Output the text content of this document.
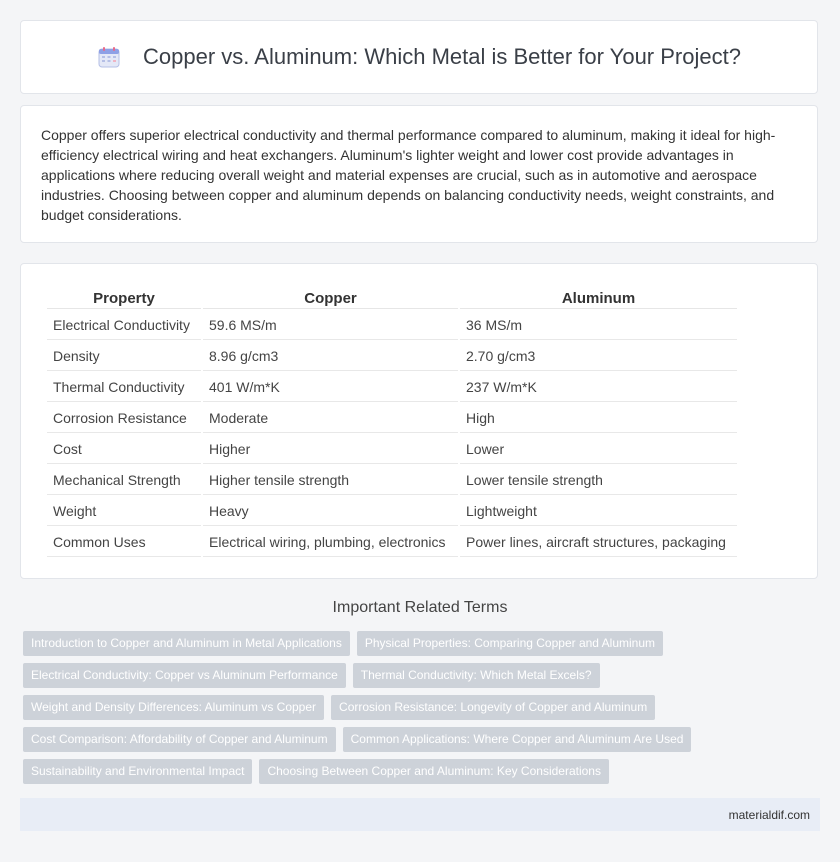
Copper vs. Aluminum: Which Metal is Better for Your Project?

Copper offers superior electrical conductivity and thermal performance compared to aluminum, making it ideal for high-efficiency electrical wiring and heat exchangers. Aluminum's lighter weight and lower cost provide advantages in applications where reducing overall weight and material expenses are crucial, such as in automotive and aerospace industries. Choosing between copper and aluminum depends on balancing conductivity needs, weight constraints, and budget considerations.

Property	Copper	Aluminum
Electrical Conductivity	59.6 MS/m	36 MS/m
Density	8.96 g/cm3	2.70 g/cm3
Thermal Conductivity	401 W/m*K	237 W/m*K
Corrosion Resistance	Moderate	High
Cost	Higher	Lower
Mechanical Strength	Higher tensile strength	Lower tensile strength
Weight	Heavy	Lightweight
Common Uses	Electrical wiring, plumbing, electronics	Power lines, aircraft structures, packaging
Important Related Terms
Introduction to Copper and Aluminum in Metal Applications	Physical Properties: Comparing Copper and Aluminum
Electrical Conductivity: Copper vs Aluminum Performance	Thermal Conductivity: Which Metal Excels?
Weight and Density Differences: Aluminum vs Copper	Corrosion Resistance: Longevity of Copper and Aluminum
Cost Comparison: Affordability of Copper and Aluminum	Common Applications: Where Copper and Aluminum Are Used
Sustainability and Environmental Impact	Choosing Between Copper and Aluminum: Key Considerations
materialdif.com
